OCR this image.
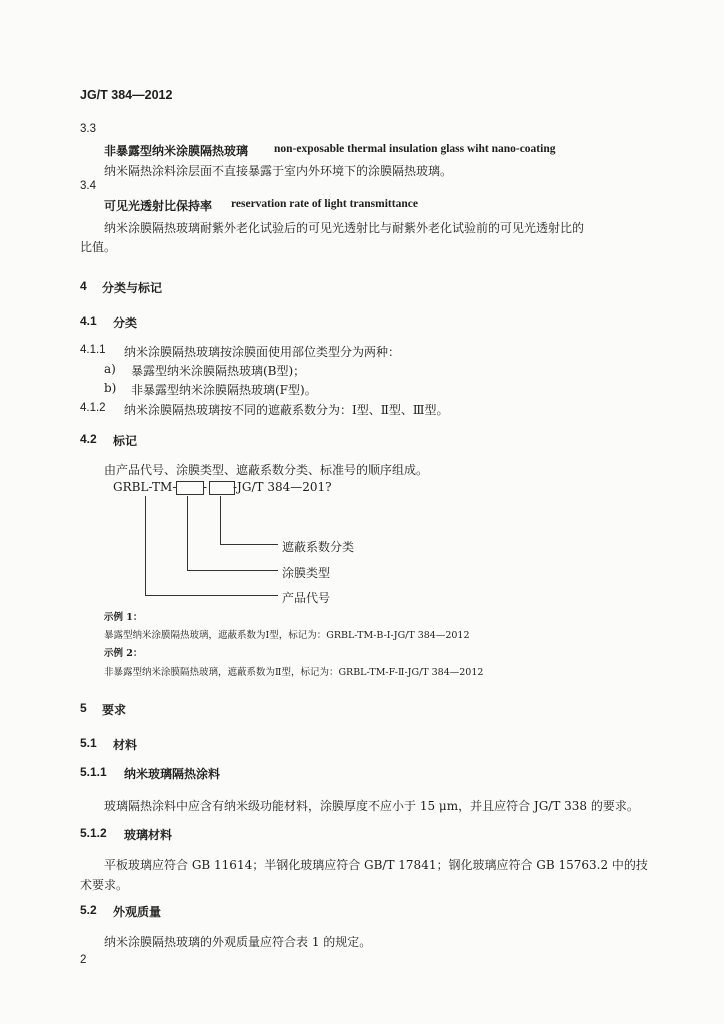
JG/T 384—2012
3.3
非暴露型纳米涂膜隔热玻璃 non-exposable thermal insulation glass wiht nano-coating
纳米隔热涂料涂层面不直接暴露于室内外环境下的涂膜隔热玻璃。
3.4
可见光透射比保持率 reservation rate of light transmittance
纳米涂膜隔热玻璃耐紫外老化试验后的可见光透射比与耐紫外老化试验前的可见光透射比的
比值。
4 分类与标记
4.1 分类
4.1.1 纳米涂膜隔热玻璃按涂膜面使用部位类型分为两种：
a) 暴露型纳米涂膜隔热玻璃(B型)；
b) 非暴露型纳米涂膜隔热玻璃(F型)。
4.1.2 纳米涂膜隔热玻璃按不同的遮蔽系数分为：Ⅰ型、Ⅱ型、Ⅲ型。
4.2 标记
由产品代号、涂膜类型、遮蔽系数分类、标准号的顺序组成。
GRBL-TM- - -JG/T 384—201?
遮蔽系数分类
涂膜类型
产品代号
示例 1：
暴露型纳米涂膜隔热玻璃，遮蔽系数为Ⅰ型，标记为：GRBL-TM-B-Ⅰ-JG/T 384—2012
示例 2：
非暴露型纳米涂膜隔热玻璃，遮蔽系数为Ⅱ型，标记为：GRBL-TM-F-Ⅱ-JG/T 384—2012
5 要求
5.1 材料
5.1.1 纳米玻璃隔热涂料
玻璃隔热涂料中应含有纳米级功能材料，涂膜厚度不应小于 15 μm，并且应符合 JG/T 338 的要求。
5.1.2 玻璃材料
平板玻璃应符合 GB 11614；半钢化玻璃应符合 GB/T 17841；钢化玻璃应符合 GB 15763.2 中的技
术要求。
5.2 外观质量
纳米涂膜隔热玻璃的外观质量应符合表 1 的规定。
2
